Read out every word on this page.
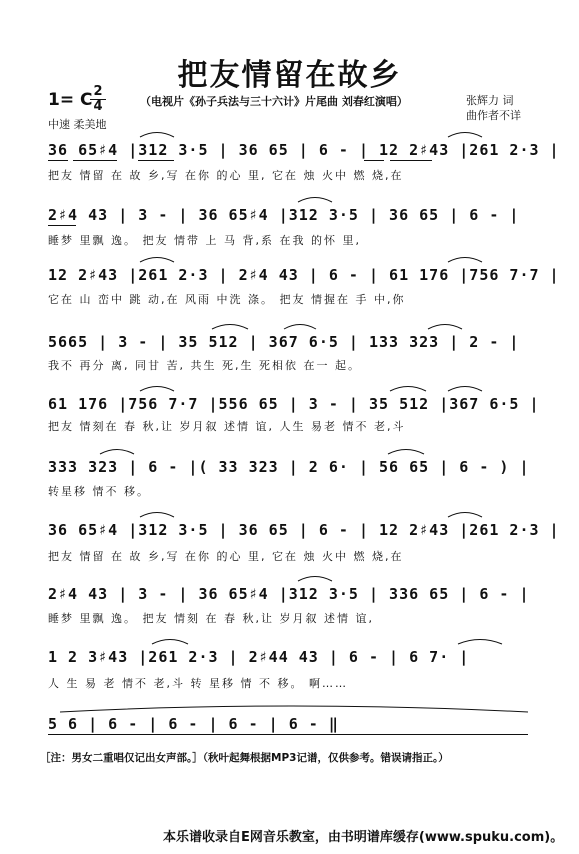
把友情留在故乡
1= C 2
4	（电视片《孙子兵法与三十六计》片尾曲 刘春红演唱）
中速 柔美地
张辉力 词
曲作者不详
36 65♯4 |312 3·5 | 36 65 | 6 - | 12 2♯43 |261 2·3 |
把友 情留 在 故 乡,写 在你 的心 里, 它在 烛 火中 燃 烧,在
2♯4 43 | 3 - | 36 65♯4 |312 3·5 | 36 65 | 6 - |
睡梦 里飘 逸。 把友 情带 上 马 背,系 在我 的怀 里,
12 2♯43 |261 2·3 | 2♯4 43 | 6 - | 61 176 |756 7·7 |
它在 山 峦中 跳 动,在 风雨 中洗 涤。 把友 情握在 手 中,你
5665 | 3 - | 35 512 | 367 6·5 | 133 323 | 2 - |
我不 再分 离, 同甘 苦, 共生 死,生 死相依 在一 起。
61 176 |756 7·7 |556 65 | 3 - | 35 512 |367 6·5 |
把友 情刻在 春 秋,让 岁月叙 述情 谊, 人生 易老 情不 老,斗
333 323 | 6 - |( 33 323 | 2 6· | 56 65 | 6 - ) |
转星移 情不 移。
36 65♯4 |312 3·5 | 36 65 | 6 - | 12 2♯43 |261 2·3 |
把友 情留 在 故 乡,写 在你 的心 里, 它在 烛 火中 燃 烧,在
2♯4 43 | 3 - | 36 65♯4 |312 3·5 | 336 65 | 6 - |
睡梦 里飘 逸。 把友 情刻 在 春 秋,让 岁月叙 述情 谊,
1 2 3♯43 |261 2·3 | 2♯44 43 | 6 - | 6 7· |
人 生 易 老 情不 老,斗 转 星移 情 不 移。 啊……
5 6 | 6 - | 6 - | 6 - | 6 - ‖
［注：男女二重唱仅记出女声部。］（秋叶起舞根据MP3记谱，仅供参考。错误请指正。）
本乐谱收录自E网音乐教室，由书明谱库缓存(www.spuku.com)。
